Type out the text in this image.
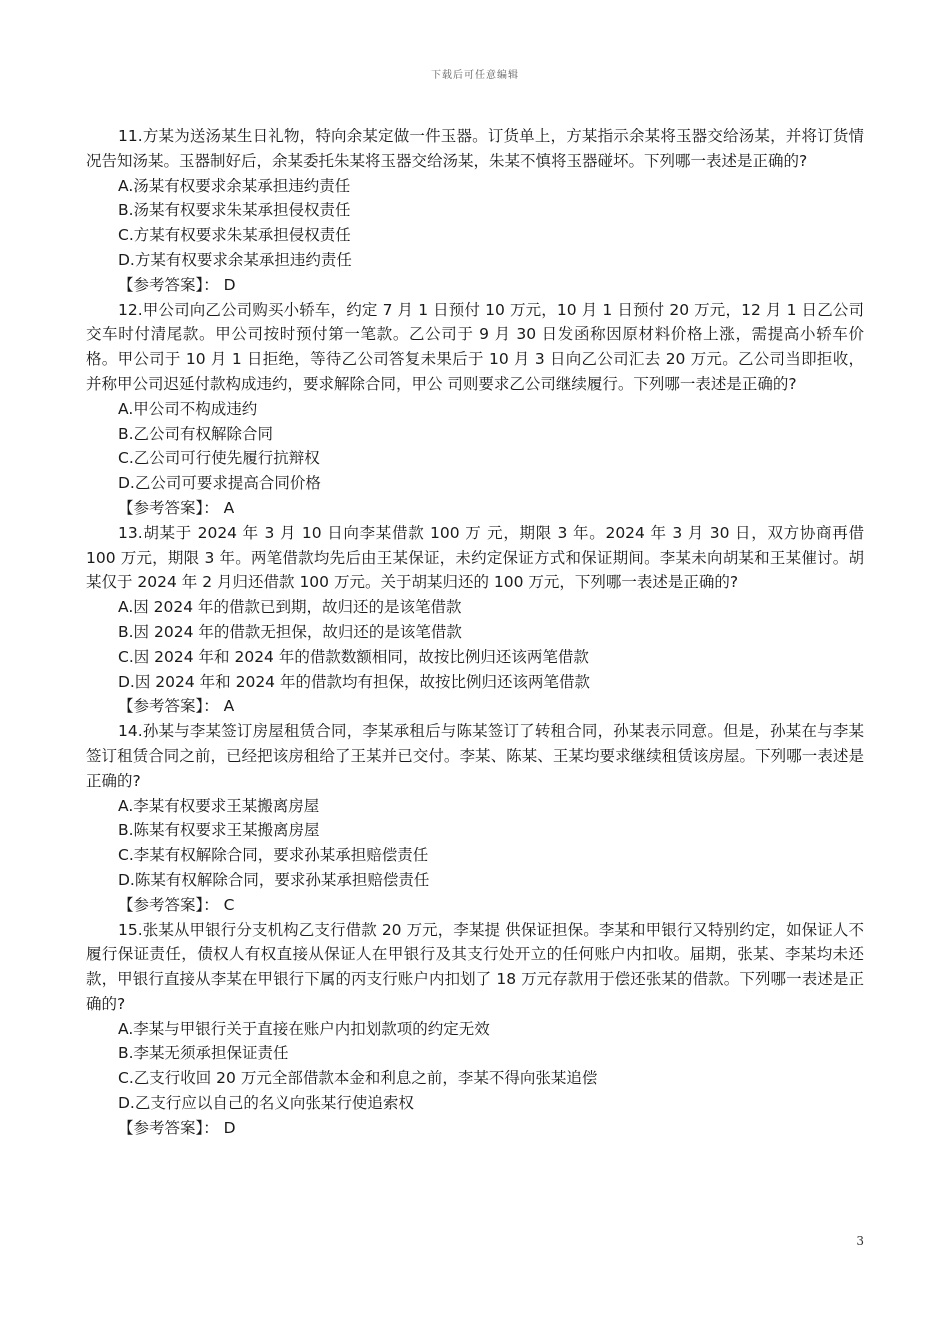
下载后可任意编辑

11.方某为送汤某生日礼物，特向余某定做一件玉器。订货单上，方某指示余某将玉器交给汤某，并将订货情况告知汤某。玉器制好后，余某委托朱某将玉器交给汤某，朱某不慎将玉器碰坏。下列哪一表述是正确的?

A.汤某有权要求余某承担违约责任

B.汤某有权要求朱某承担侵权责任

C.方某有权要求朱某承担侵权责任

D.方某有权要求余某承担违约责任

【参考答案】： D

12.甲公司向乙公司购买小轿车，约定 7 月 1 日预付 10 万元，10 月 1 日预付 20 万元，12 月 1 日乙公司交车时付清尾款。甲公司按时预付第一笔款。乙公司于 9 月 30 日发函称因原材料价格上涨，需提高小轿车价 格。甲公司于 10 月 1 日拒绝，等待乙公司答复未果后于 10 月 3 日向乙公司汇去 20 万元。乙公司当即拒收，并称甲公司迟延付款构成违约，要求解除合同，甲公 司则要求乙公司继续履行。下列哪一表述是正确的?

A.甲公司不构成违约

B.乙公司有权解除合同

C.乙公司可行使先履行抗辩权

D.乙公司可要求提高合同价格

【参考答案】： A

13.胡某于 2024 年 3 月 10 日向李某借款 100 万 元，期限 3 年。2024 年 3 月 30 日，双方协商再借 100 万元，期限 3 年。两笔借款均先后由王某保证，未约定保证方式和保证期间。李某未向胡某和王某催讨。胡某仅于 2024 年 2 月归还借款 100 万元。关于胡某归还的 100 万元，下列哪一表述是正确的?

A.因 2024 年的借款已到期，故归还的是该笔借款

B.因 2024 年的借款无担保，故归还的是该笔借款

C.因 2024 年和 2024 年的借款数额相同，故按比例归还该两笔借款

D.因 2024 年和 2024 年的借款均有担保，故按比例归还该两笔借款

【参考答案】： A

14.孙某与李某签订房屋租赁合同，李某承租后与陈某签订了转租合同，孙某表示同意。但是，孙某在与李某签订租赁合同之前，已经把该房租给了王某并已交付。李某、陈某、王某均要求继续租赁该房屋。下列哪一表述是正确的?

A.李某有权要求王某搬离房屋

B.陈某有权要求王某搬离房屋

C.李某有权解除合同，要求孙某承担赔偿责任

D.陈某有权解除合同，要求孙某承担赔偿责任

【参考答案】： C

15.张某从甲银行分支机构乙支行借款 20 万元，李某提 供保证担保。李某和甲银行又特别约定，如保证人不履行保证责任，债权人有权直接从保证人在甲银行及其支行处开立的任何账户内扣收。届期，张某、李某均未还 款，甲银行直接从李某在甲银行下属的丙支行账户内扣划了 18 万元存款用于偿还张某的借款。下列哪一表述是正确的?

A.李某与甲银行关于直接在账户内扣划款项的约定无效

B.李某无须承担保证责任

C.乙支行收回 20 万元全部借款本金和利息之前，李某不得向张某追偿

D.乙支行应以自己的名义向张某行使追索权

【参考答案】： D

3
